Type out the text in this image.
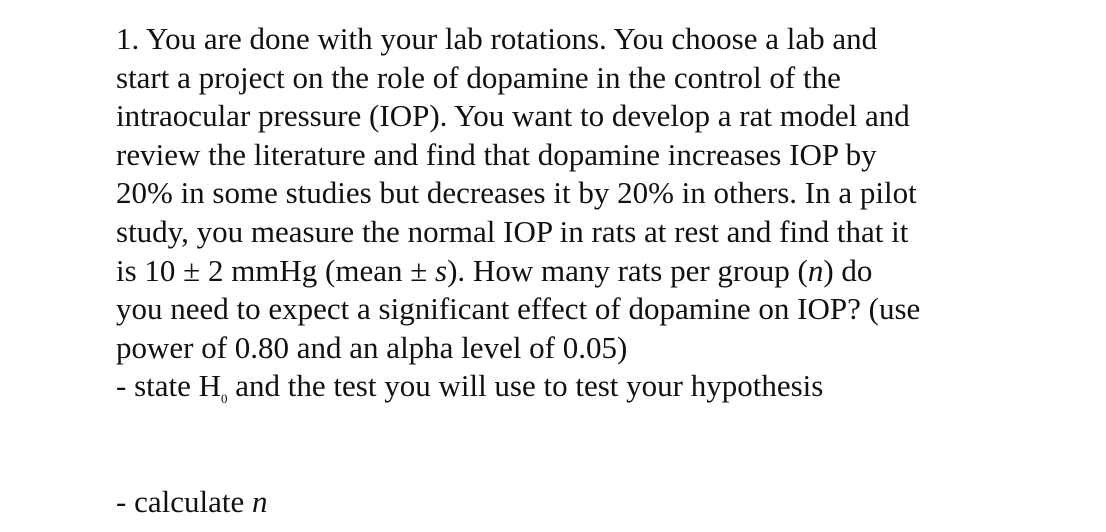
1. You are done with your lab rotations. You choose a lab and
start a project on the role of dopamine in the control of the
intraocular pressure (IOP). You want to develop a rat model and
review the literature and find that dopamine increases IOP by
20% in some studies but decreases it by 20% in others. In a pilot
study, you measure the normal IOP in rats at rest and find that it
is 10 ± 2 mmHg (mean ± s). How many rats per group (n) do
you need to expect a significant effect of dopamine on IOP? (use
power of 0.80 and an alpha level of 0.05)
- state $H_0$ and the test you will use to test your hypothesis
- calculate n
